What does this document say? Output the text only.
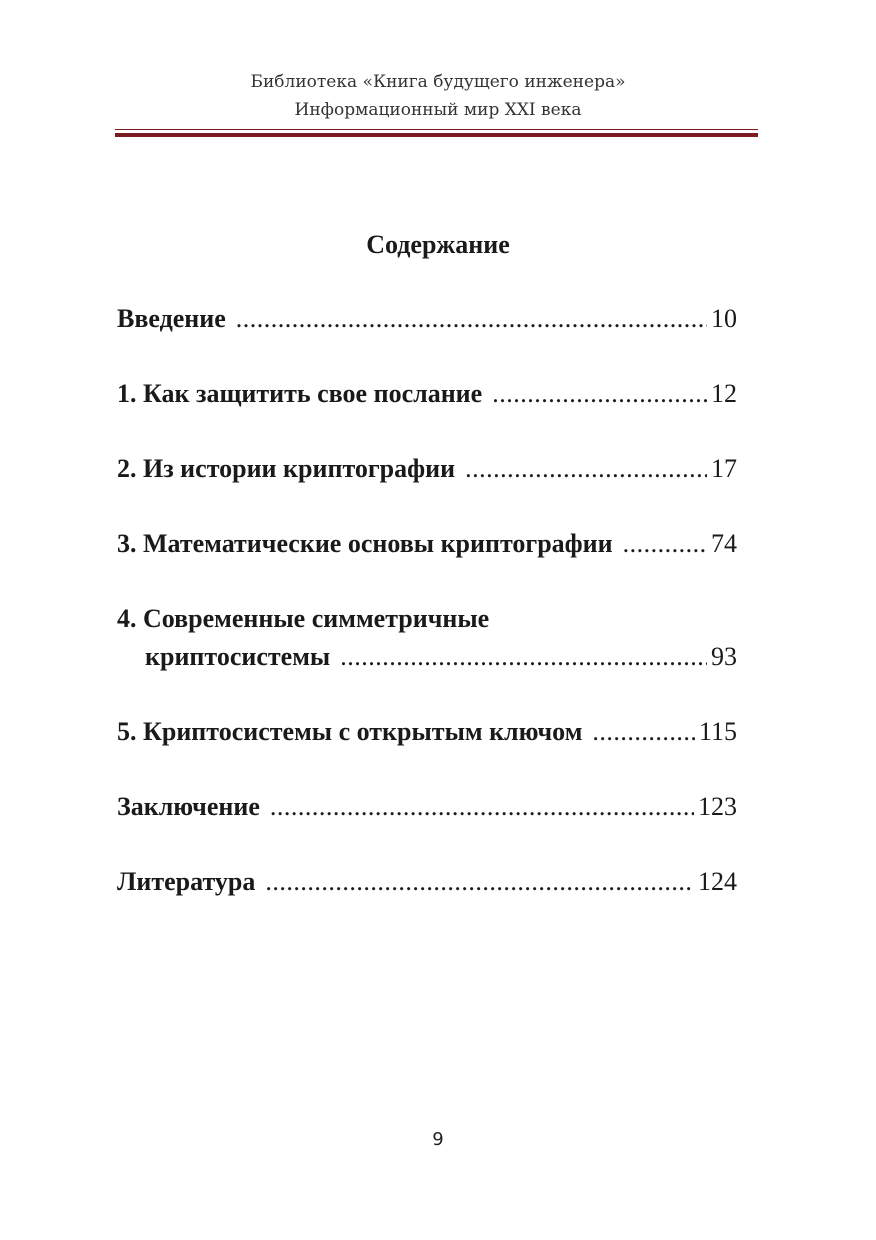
Библиотека «Книга будущего инженера»
Информационный мир XXI века
Содержание
Введение .....	10
1. Как защитить свое послание .....	12
2. Из истории криптографии .....	17
3. Математические основы криптографии .....	74
4. Современные симметричные
криптосистемы .....	93
5. Криптосистемы с открытым ключом .....	115
Заключение .....	123
Литература .....	124
9
